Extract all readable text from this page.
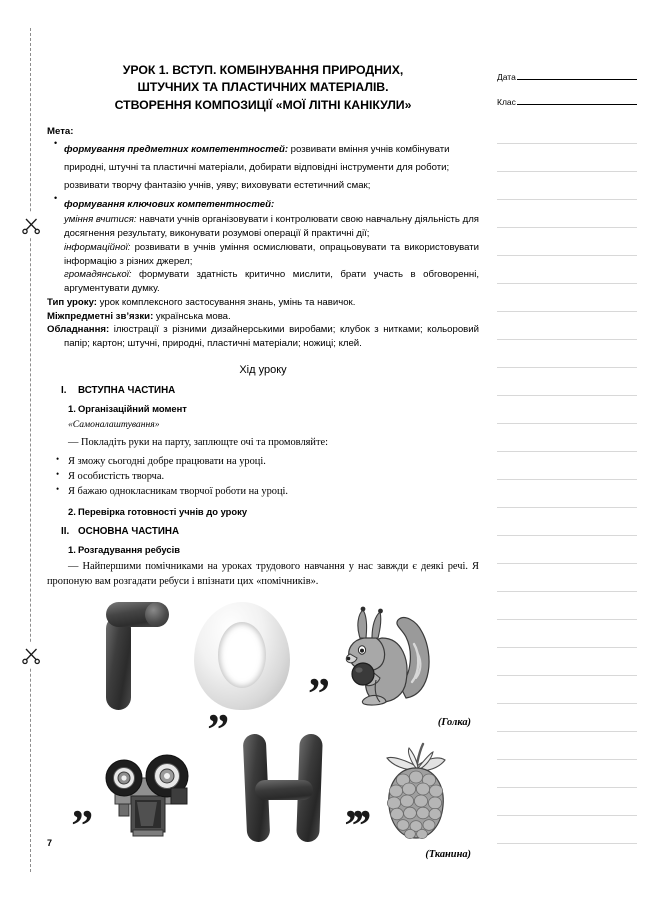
7
Дата
Клас
УРОК 1. ВСТУП. КОМБІНУВАННЯ ПРИРОДНИХ,
ШТУЧНИХ ТА ПЛАСТИЧНИХ МАТЕРІАЛІВ.
СТВОРЕННЯ КОМПОЗИЦІЇ «МОЇ ЛІТНІ КАНІКУЛИ»
Мета:
• формування предметних компетентностей: розвивати вміння учнів комбінувати природні, штучні та пластичні матеріали, добирати відповідні інструменти для роботи; розвивати творчу фантазію учнів, уяву; виховувати естетичний смак;
• формування ключових компетентностей:
уміння вчитися: навчати учнів організовувати і контролювати свою навчальну діяльність для досягнення результату, виконувати розумові операції й практичні дії;
інформаційної: розвивати в учнів уміння осмислювати, опрацьовувати та використовувати інформацію з різних джерел;
громадянської: формувати здатність критично мислити, брати участь в обговоренні, аргументувати думку.
Тип уроку: урок комплексного застосування знань, умінь та навичок.
Міжпредметні зв’язки: українська мова.
Обладнання: ілюстрації з різними дизайнерськими виробами; клубок з нитками; кольоровий папір; картон; штучні, природні, пластичні матеріали; ножиці; клей.
Хід уроку
I.	ВСТУПНА ЧАСТИНА
1. Організаційний момент
«Самоналаштування»
— Покладіть руки на парту, заплющте очі та промовляйте:
• Я зможу сьогодні добре працювати на уроці.
• Я особистість творча.
• Я бажаю однокласникам творчої роботи на уроці.
2. Перевірка готовності учнів до уроку
II. ОСНОВНА ЧАСТИНА
1. Розгадування ребусів
— Найпершими помічниками на уроках трудового навчання у нас завжди є деякі речі. Я пропоную вам розгадати ребуси і впізнати цих «помічників».
”
(Голка)
”
”
’’’
(Тканина)
